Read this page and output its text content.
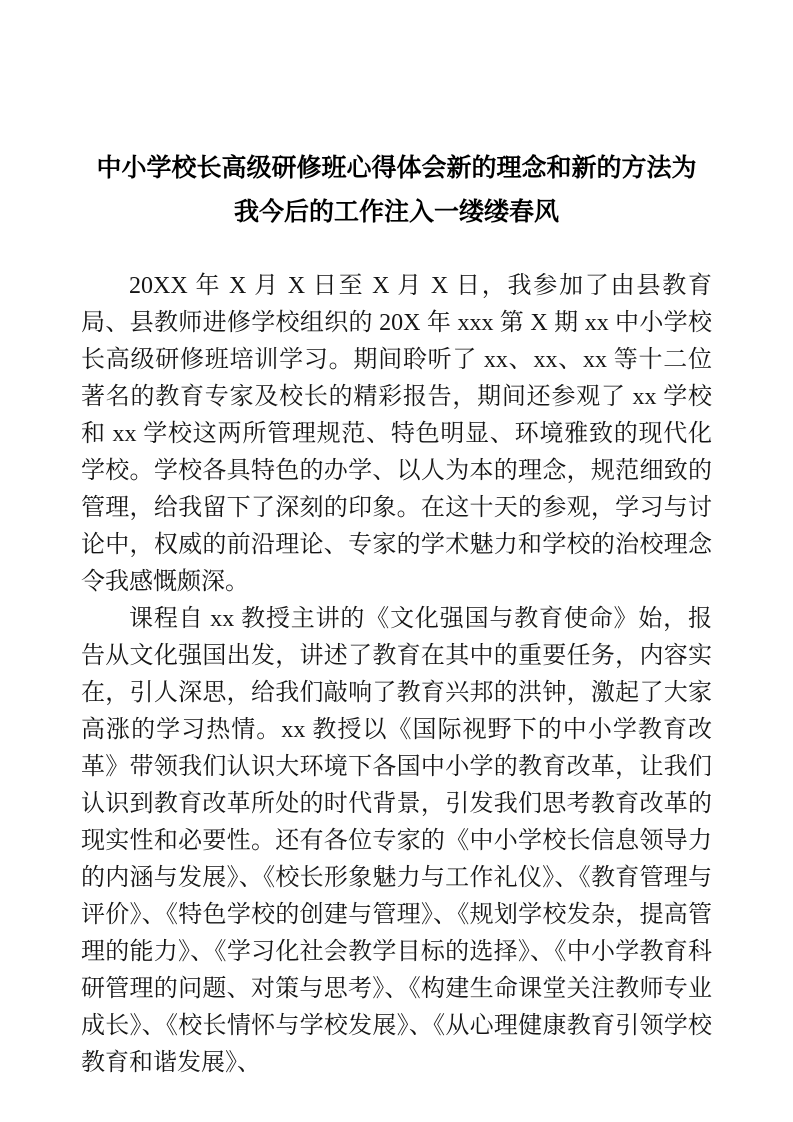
中小学校长高级研修班心得体会新的理念和新的方法为我今后的工作注入一缕缕春风

20XX 年 X 月 X 日至 X 月 X 日，我参加了由县教育局、县教师进修学校组织的 20X 年 xxx 第 X 期 xx 中小学校长高级研修班培训学习。期间聆听了 xx、xx、xx 等十二位著名的教育专家及校长的精彩报告，期间还参观了 xx 学校和 xx 学校这两所管理规范、特色明显、环境雅致的现代化学校。学校各具特色的办学、以人为本的理念，规范细致的管理，给我留下了深刻的印象。在这十天的参观，学习与讨论中，权威的前沿理论、专家的学术魅力和学校的治校理念令我感慨颇深。

课程自 xx 教授主讲的《文化强国与教育使命》始，报告从文化强国出发，讲述了教育在其中的重要任务，内容实在，引人深思，给我们敲响了教育兴邦的洪钟，激起了大家高涨的学习热情。xx 教授以《国际视野下的中小学教育改革》带领我们认识大环境下各国中小学的教育改革，让我们认识到教育改革所处的时代背景，引发我们思考教育改革的现实性和必要性。还有各位专家的《中小学校长信息领导力的内涵与发展》、《校长形象魅力与工作礼仪》、《教育管理与评价》、《特色学校的创建与管理》、《规划学校发杂，提高管理的能力》、《学习化社会教学目标的选择》、《中小学教育科研管理的问题、对策与思考》、《构建生命课堂关注教师专业成长》、《校长情怀与学校发展》、《从心理健康教育引领学校教育和谐发展》、
